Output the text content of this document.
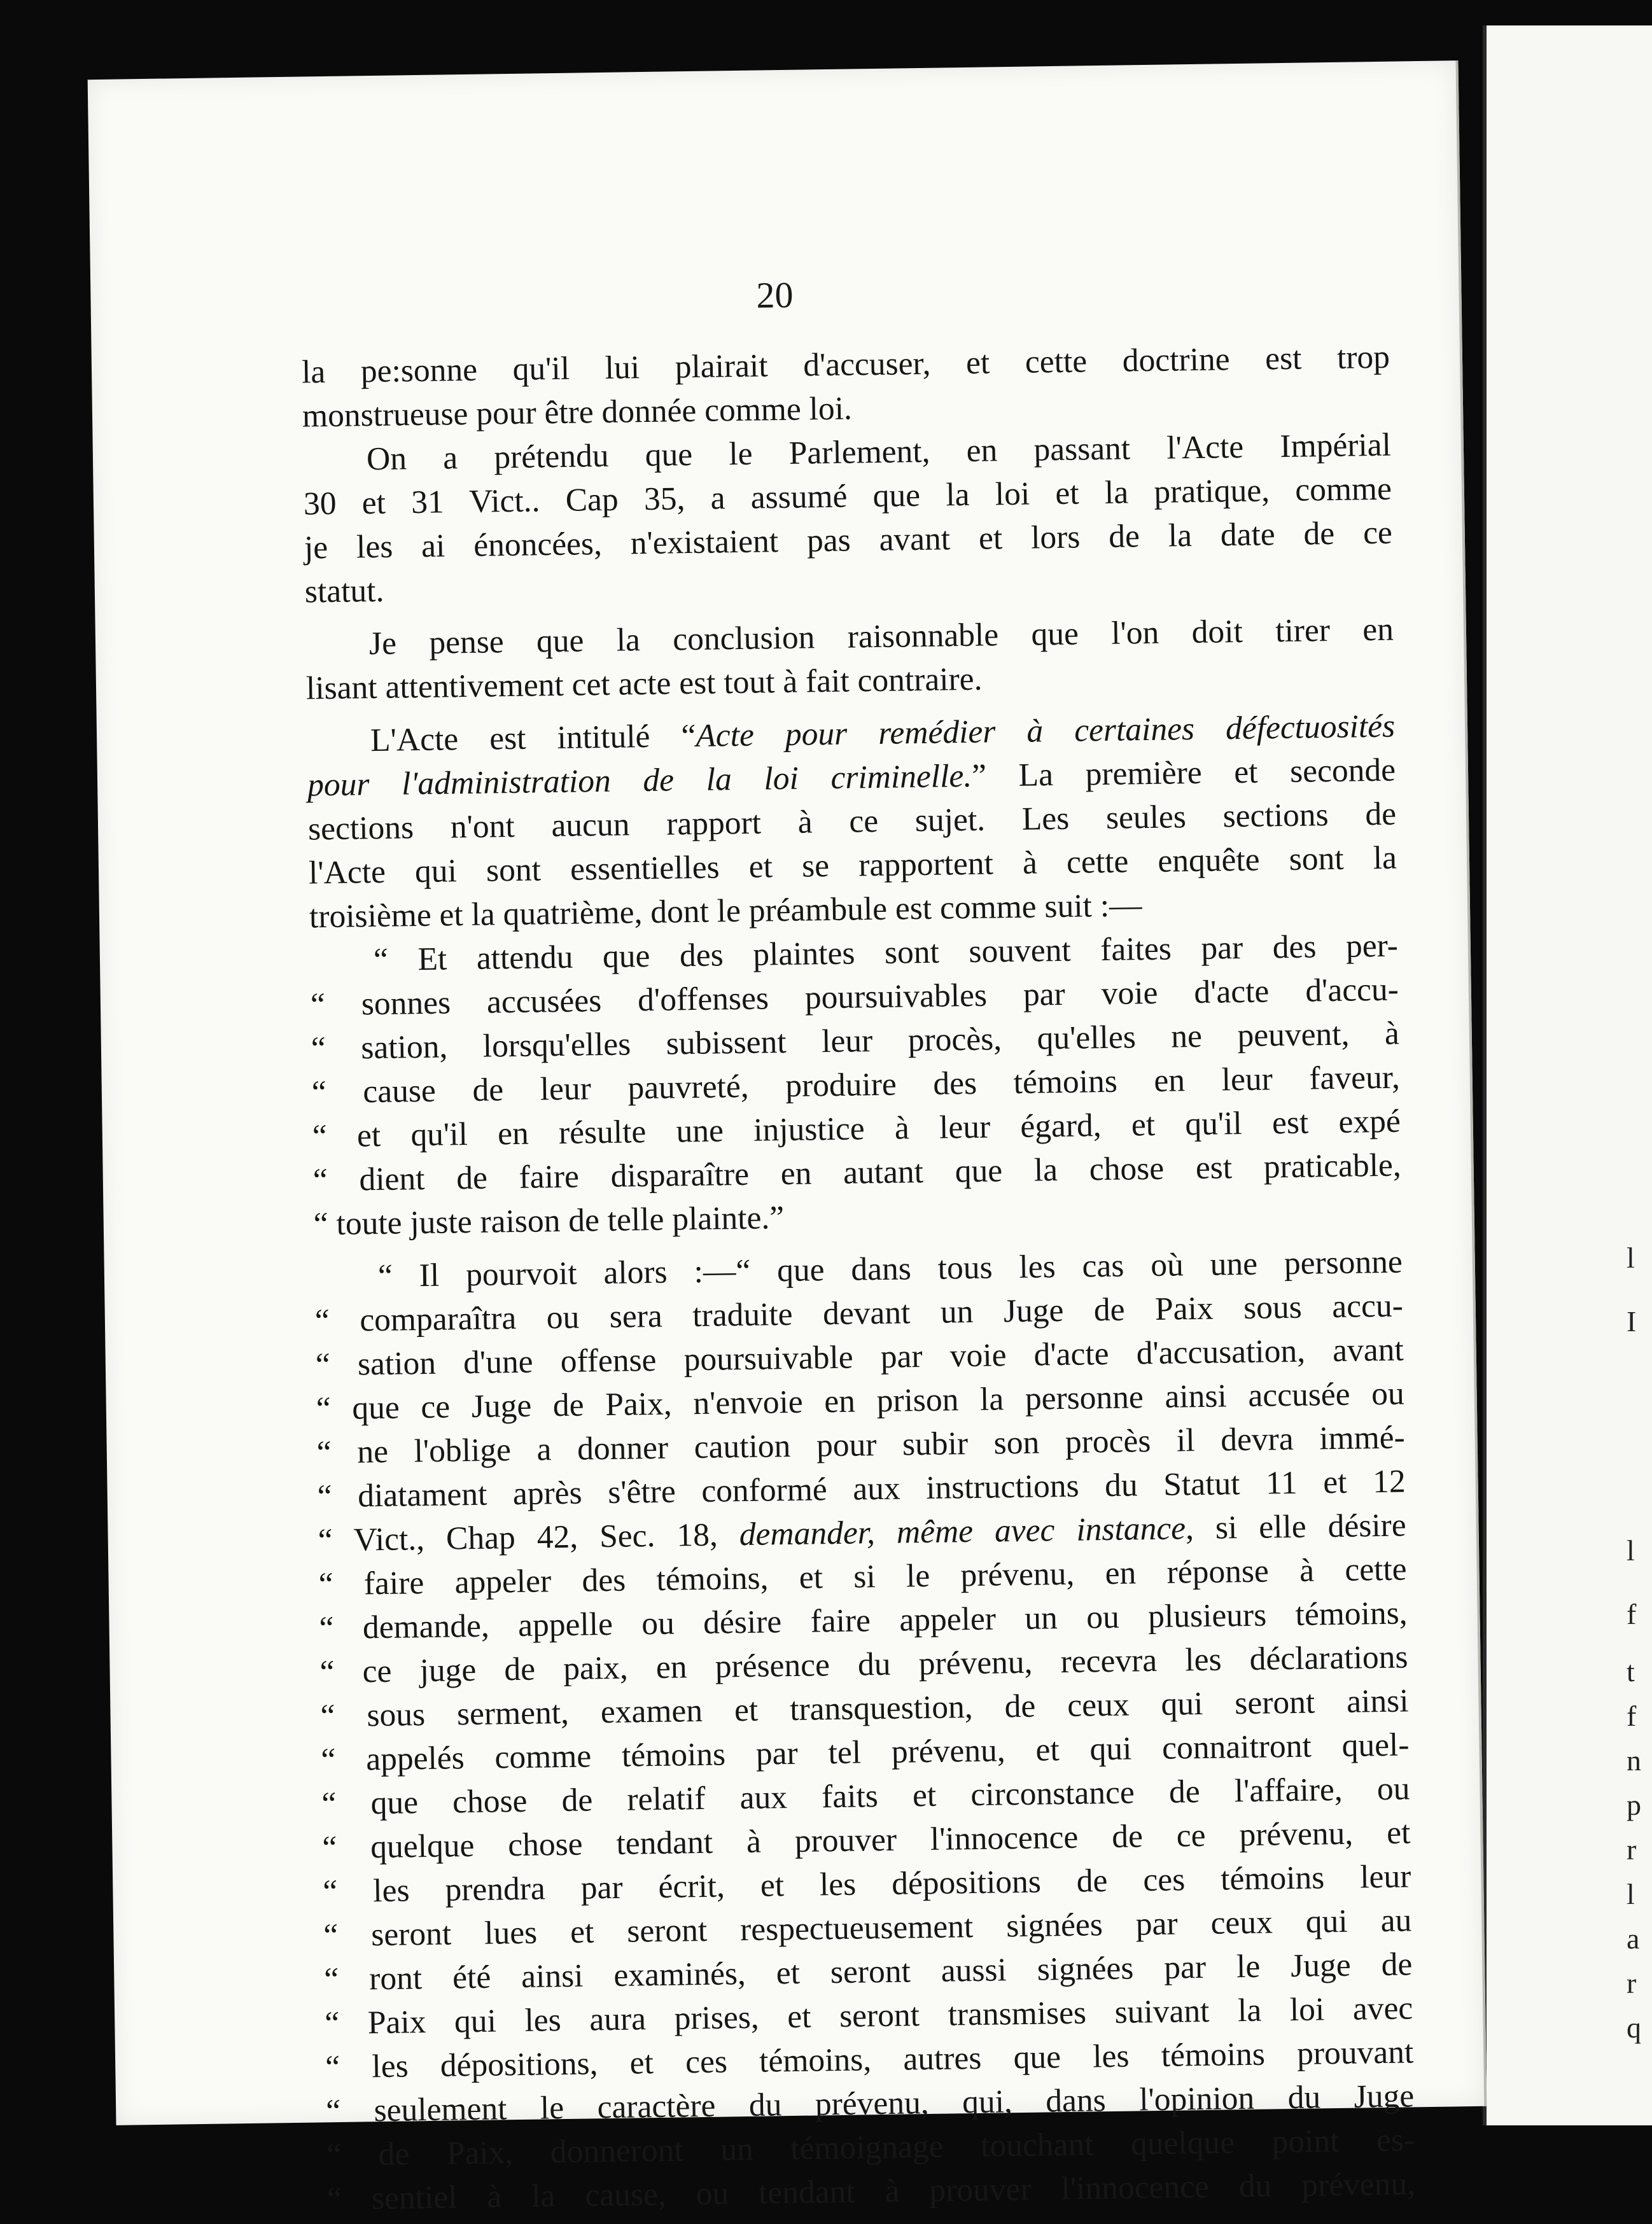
l
I
l
f
t
f
n
p
r
l
a
r
q
20
la pe:sonne qu'il lui plairait d'accuser, et cette doctrine est trop
monstrueuse pour être donnée comme loi.
On a prétendu que le Parlement, en passant l'Acte Impérial
30 et 31 Vict.. Cap 35, a assumé que la loi et la pratique, comme
je les ai énoncées, n'existaient pas avant et lors de la date de ce
statut.
Je pense que la conclusion raisonnable que l'on doit tirer en
lisant attentivement cet acte est tout à fait contraire.
L'Acte est intitulé “Acte pour remédier à certaines défectuosités
pour l'administration de la loi criminelle.” La première et seconde
sections n'ont aucun rapport à ce sujet. Les seules sections de
l'Acte qui sont essentielles et se rapportent à cette enquête sont la
troisième et la quatrième, dont le préambule est comme suit :—
“ Et attendu que des plaintes sont souvent faites par des per-
“ sonnes accusées d'offenses poursuivables par voie d'acte d'accu-
“ sation, lorsqu'elles subissent leur procès, qu'elles ne peuvent, à
“ cause de leur pauvreté, produire des témoins en leur faveur,
“ et qu'il en résulte une injustice à leur égard, et qu'il est expé
“ dient de faire disparaître en autant que la chose est praticable,
“ toute juste raison de telle plainte.”
“ Il pourvoit alors :—“ que dans tous les cas où une personne
“ comparaîtra ou sera traduite devant un Juge de Paix sous accu-
“ sation d'une offense poursuivable par voie d'acte d'accusation, avant
“ que ce Juge de Paix, n'envoie en prison la personne ainsi accusée ou
“ ne l'oblige a donner caution pour subir son procès il devra immé-
“ diatament après s'être conformé aux instructions du Statut 11 et 12
“ Vict., Chap 42, Sec. 18, demander, même avec instance, si elle désire
“ faire appeler des témoins, et si le prévenu, en réponse à cette
“ demande, appelle ou désire faire appeler un ou plusieurs témoins,
“ ce juge de paix, en présence du prévenu, recevra les déclarations
“ sous serment, examen et transquestion, de ceux qui seront ainsi
“ appelés comme témoins par tel prévenu, et qui connaitront quel-
“ que chose de relatif aux faits et circonstance de l'affaire, ou
“ quelque chose tendant à prouver l'innocence de ce prévenu, et
“ les prendra par écrit, et les dépositions de ces témoins leur
“ seront lues et seront respectueusement signées par ceux qui au
“ ront été ainsi examinés, et seront aussi signées par le Juge de
“ Paix qui les aura prises, et seront transmises suivant la loi avec
“ les dépositions, et ces témoins, autres que les témoins prouvant
“ seulement le caractère du prévenu, qui, dans l'opinion du Juge
“ de Paix, donneront un témoignage touchant quelque point es-
“ sentiel à la cause, ou tendant à prouver l'innocence du prévenu,
